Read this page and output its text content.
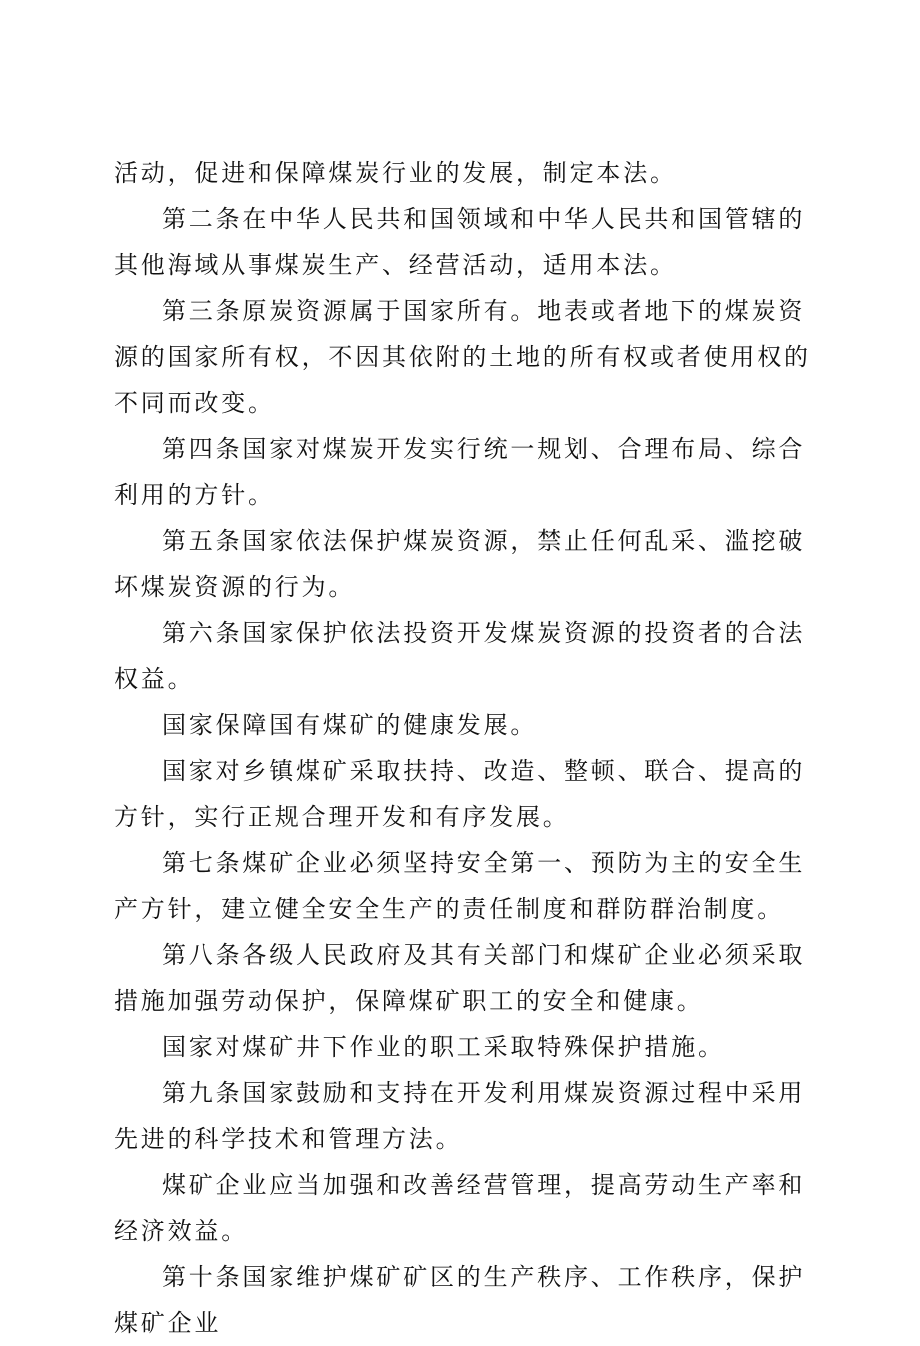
活动，促进和保障煤炭行业的发展，制定本法。

第二条在中华人民共和国领域和中华人民共和国管辖的其他海域从事煤炭生产、经营活动，适用本法。

第三条原炭资源属于国家所有。地表或者地下的煤炭资源的国家所有权，不因其依附的土地的所有权或者使用权的不同而改变。

第四条国家对煤炭开发实行统一规划、合理布局、综合利用的方针。

第五条国家依法保护煤炭资源，禁止任何乱采、滥挖破坏煤炭资源的行为。

第六条国家保护依法投资开发煤炭资源的投资者的合法权益。

国家保障国有煤矿的健康发展。

国家对乡镇煤矿采取扶持、改造、整顿、联合、提高的方针，实行正规合理开发和有序发展。

第七条煤矿企业必须坚持安全第一、预防为主的安全生产方针，建立健全安全生产的责任制度和群防群治制度。

第八条各级人民政府及其有关部门和煤矿企业必须采取措施加强劳动保护，保障煤矿职工的安全和健康。

国家对煤矿井下作业的职工采取特殊保护措施。

第九条国家鼓励和支持在开发利用煤炭资源过程中采用先进的科学技术和管理方法。

煤矿企业应当加强和改善经营管理，提高劳动生产率和经济效益。

第十条国家维护煤矿矿区的生产秩序、工作秩序，保护煤矿企业
